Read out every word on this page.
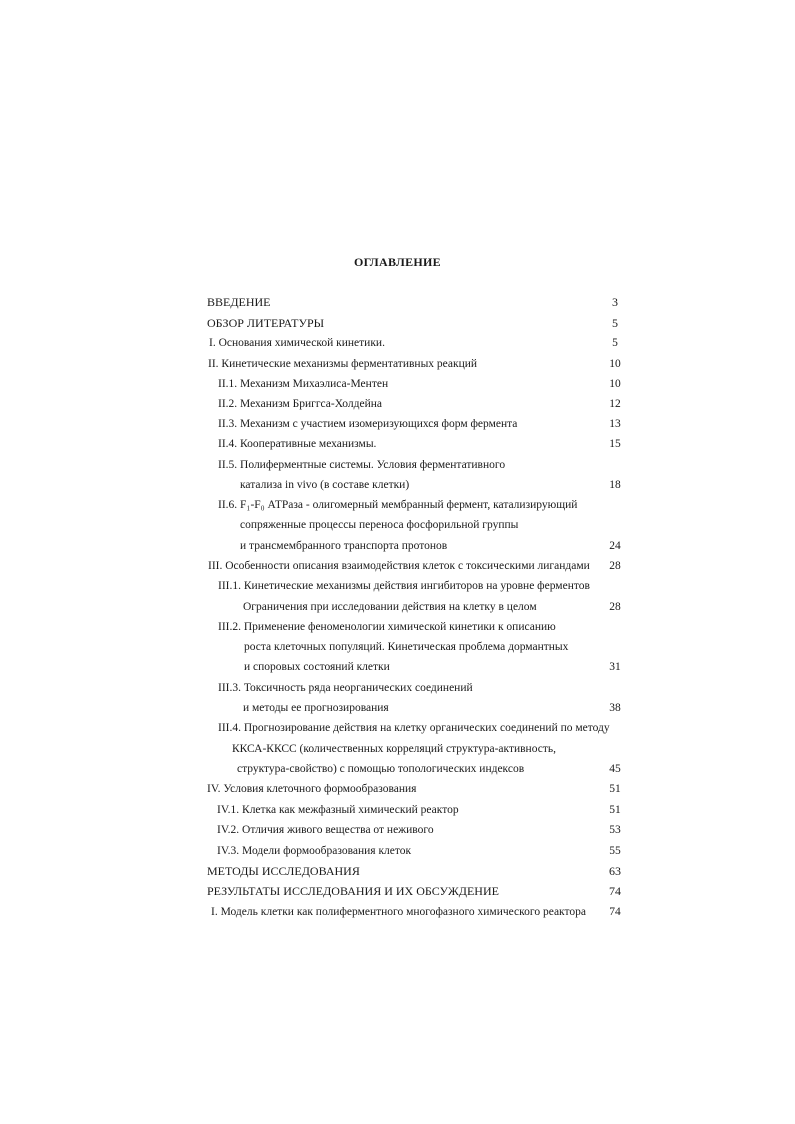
ОГЛАВЛЕНИЕ
ВВЕДЕНИЕ	3
ОБЗОР ЛИТЕРАТУРЫ	5
I. Основания химической кинетики.	5
II. Кинетические механизмы ферментативных реакций	10
II.1. Механизм Михаэлиса-Ментен	10
II.2. Механизм Бриггса-Холдейна	12
II.3. Механизм с участием изомеризующихся форм фермента	13
II.4. Кооперативные механизмы.	15
II.5. Полиферментные системы. Условия ферментативного
катализа in vivo (в составе клетки)	18
II.6. F₁-F₀ АТРаза - олигомерный мембранный фермент, катализирующий
сопряженные процессы переноса фосфорильной группы
и трансмембранного транспорта протонов	24
III. Особенности описания взаимодействия клеток с токсическими лигандами	28
III.1. Кинетические механизмы действия ингибиторов на уровне ферментов
Ограничения при исследовании действия на клетку в целом	28
III.2. Применение феноменологии химической кинетики к описанию
роста клеточных популяций. Кинетическая проблема дормантных
и споровых состояний клетки	31
III.3. Токсичность ряда неорганических соединений
и методы ее прогнозирования	38
III.4. Прогнозирование действия на клетку органических соединений по методу
ККСА-ККСС (количественных корреляций структура-активность,
структура-свойство) с помощью топологических индексов	45
IV. Условия клеточного формообразования	51
IV.1. Клетка как межфазный химический реактор	51
IV.2. Отличия живого вещества от неживого	53
IV.3. Модели формообразования клеток	55
МЕТОДЫ ИССЛЕДОВАНИЯ	63
РЕЗУЛЬТАТЫ ИССЛЕДОВАНИЯ И ИХ ОБСУЖДЕНИЕ	74
I. Модель клетки как полиферментного многофазного химического реактора	74
